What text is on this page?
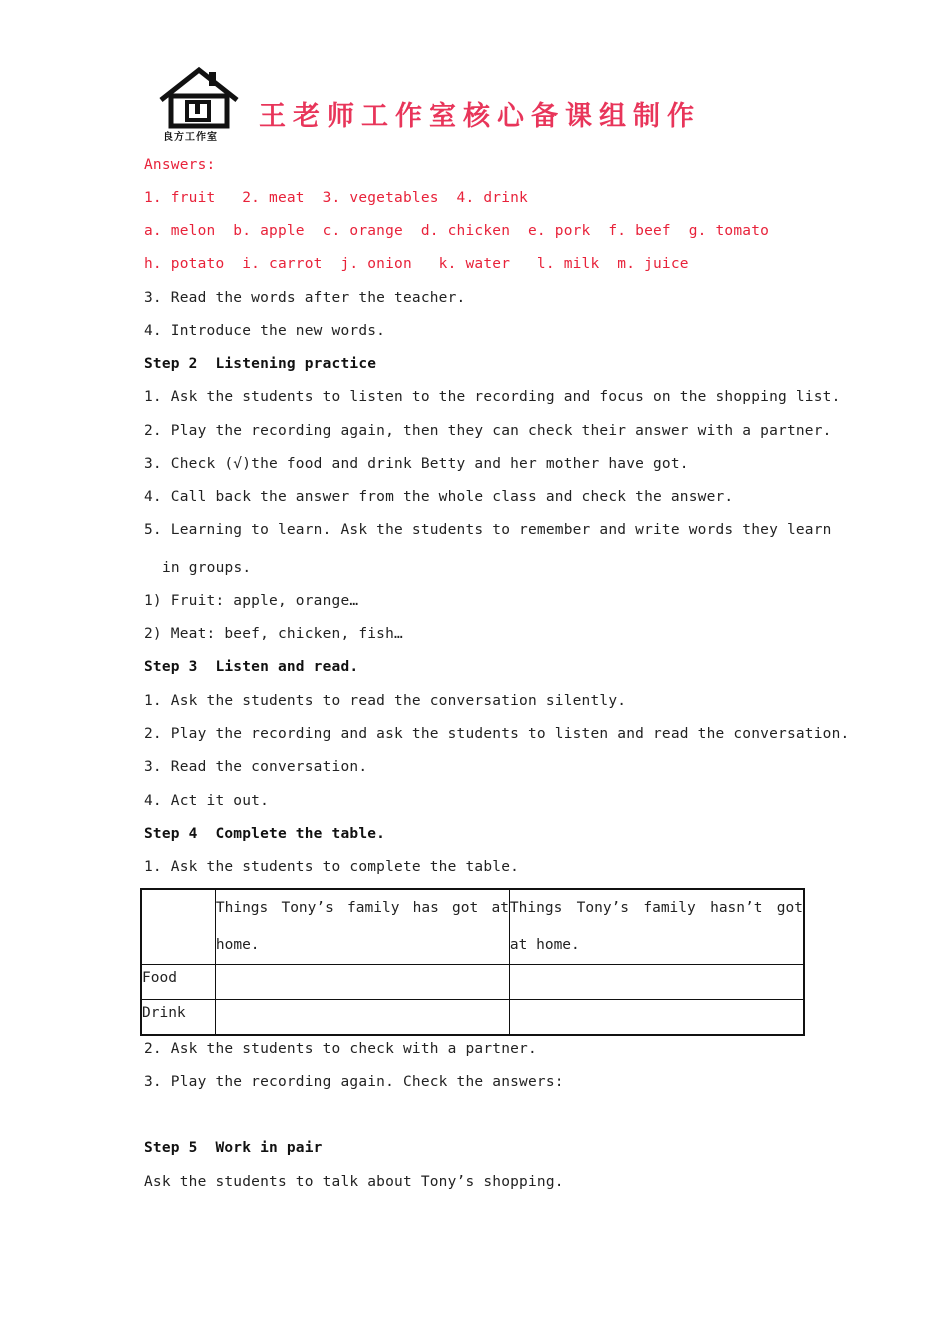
良方工作室
王老师工作室核心备课组制作
Answers:
1. fruit   2. meat  3. vegetables  4. drink
a. melon  b. apple  c. orange  d. chicken  e. pork  f. beef  g. tomato
h. potato  i. carrot  j. onion   k. water   l. milk  m. juice
3. Read the words after the teacher.
4. Introduce the new words.
Step 2  Listening practice
1. Ask the students to listen to the recording and focus on the shopping list.
2. Play the recording again, then they can check their answer with a partner.
3. Check (√)the food and drink Betty and her mother have got.
4. Call back the answer from the whole class and check the answer.
5. Learning to learn. Ask the students to remember and write words they learn
in groups.
1) Fruit: apple, orange…
2) Meat: beef, chicken, fish…
Step 3  Listen and read.
1. Ask the students to read the conversation silently.
2. Play the recording and ask the students to listen and read the conversation.
3. Read the conversation.
4. Act it out.
Step 4  Complete the table.
1. Ask the students to complete the table.

	Things Tony’s family has got at home.	Things Tony’s family hasn’t got at home.

Food		

Drink		

2. Ask the students to check with a partner.
3. Play the recording again. Check the answers:
Step 5  Work in pair
Ask the students to talk about Tony’s shopping.
